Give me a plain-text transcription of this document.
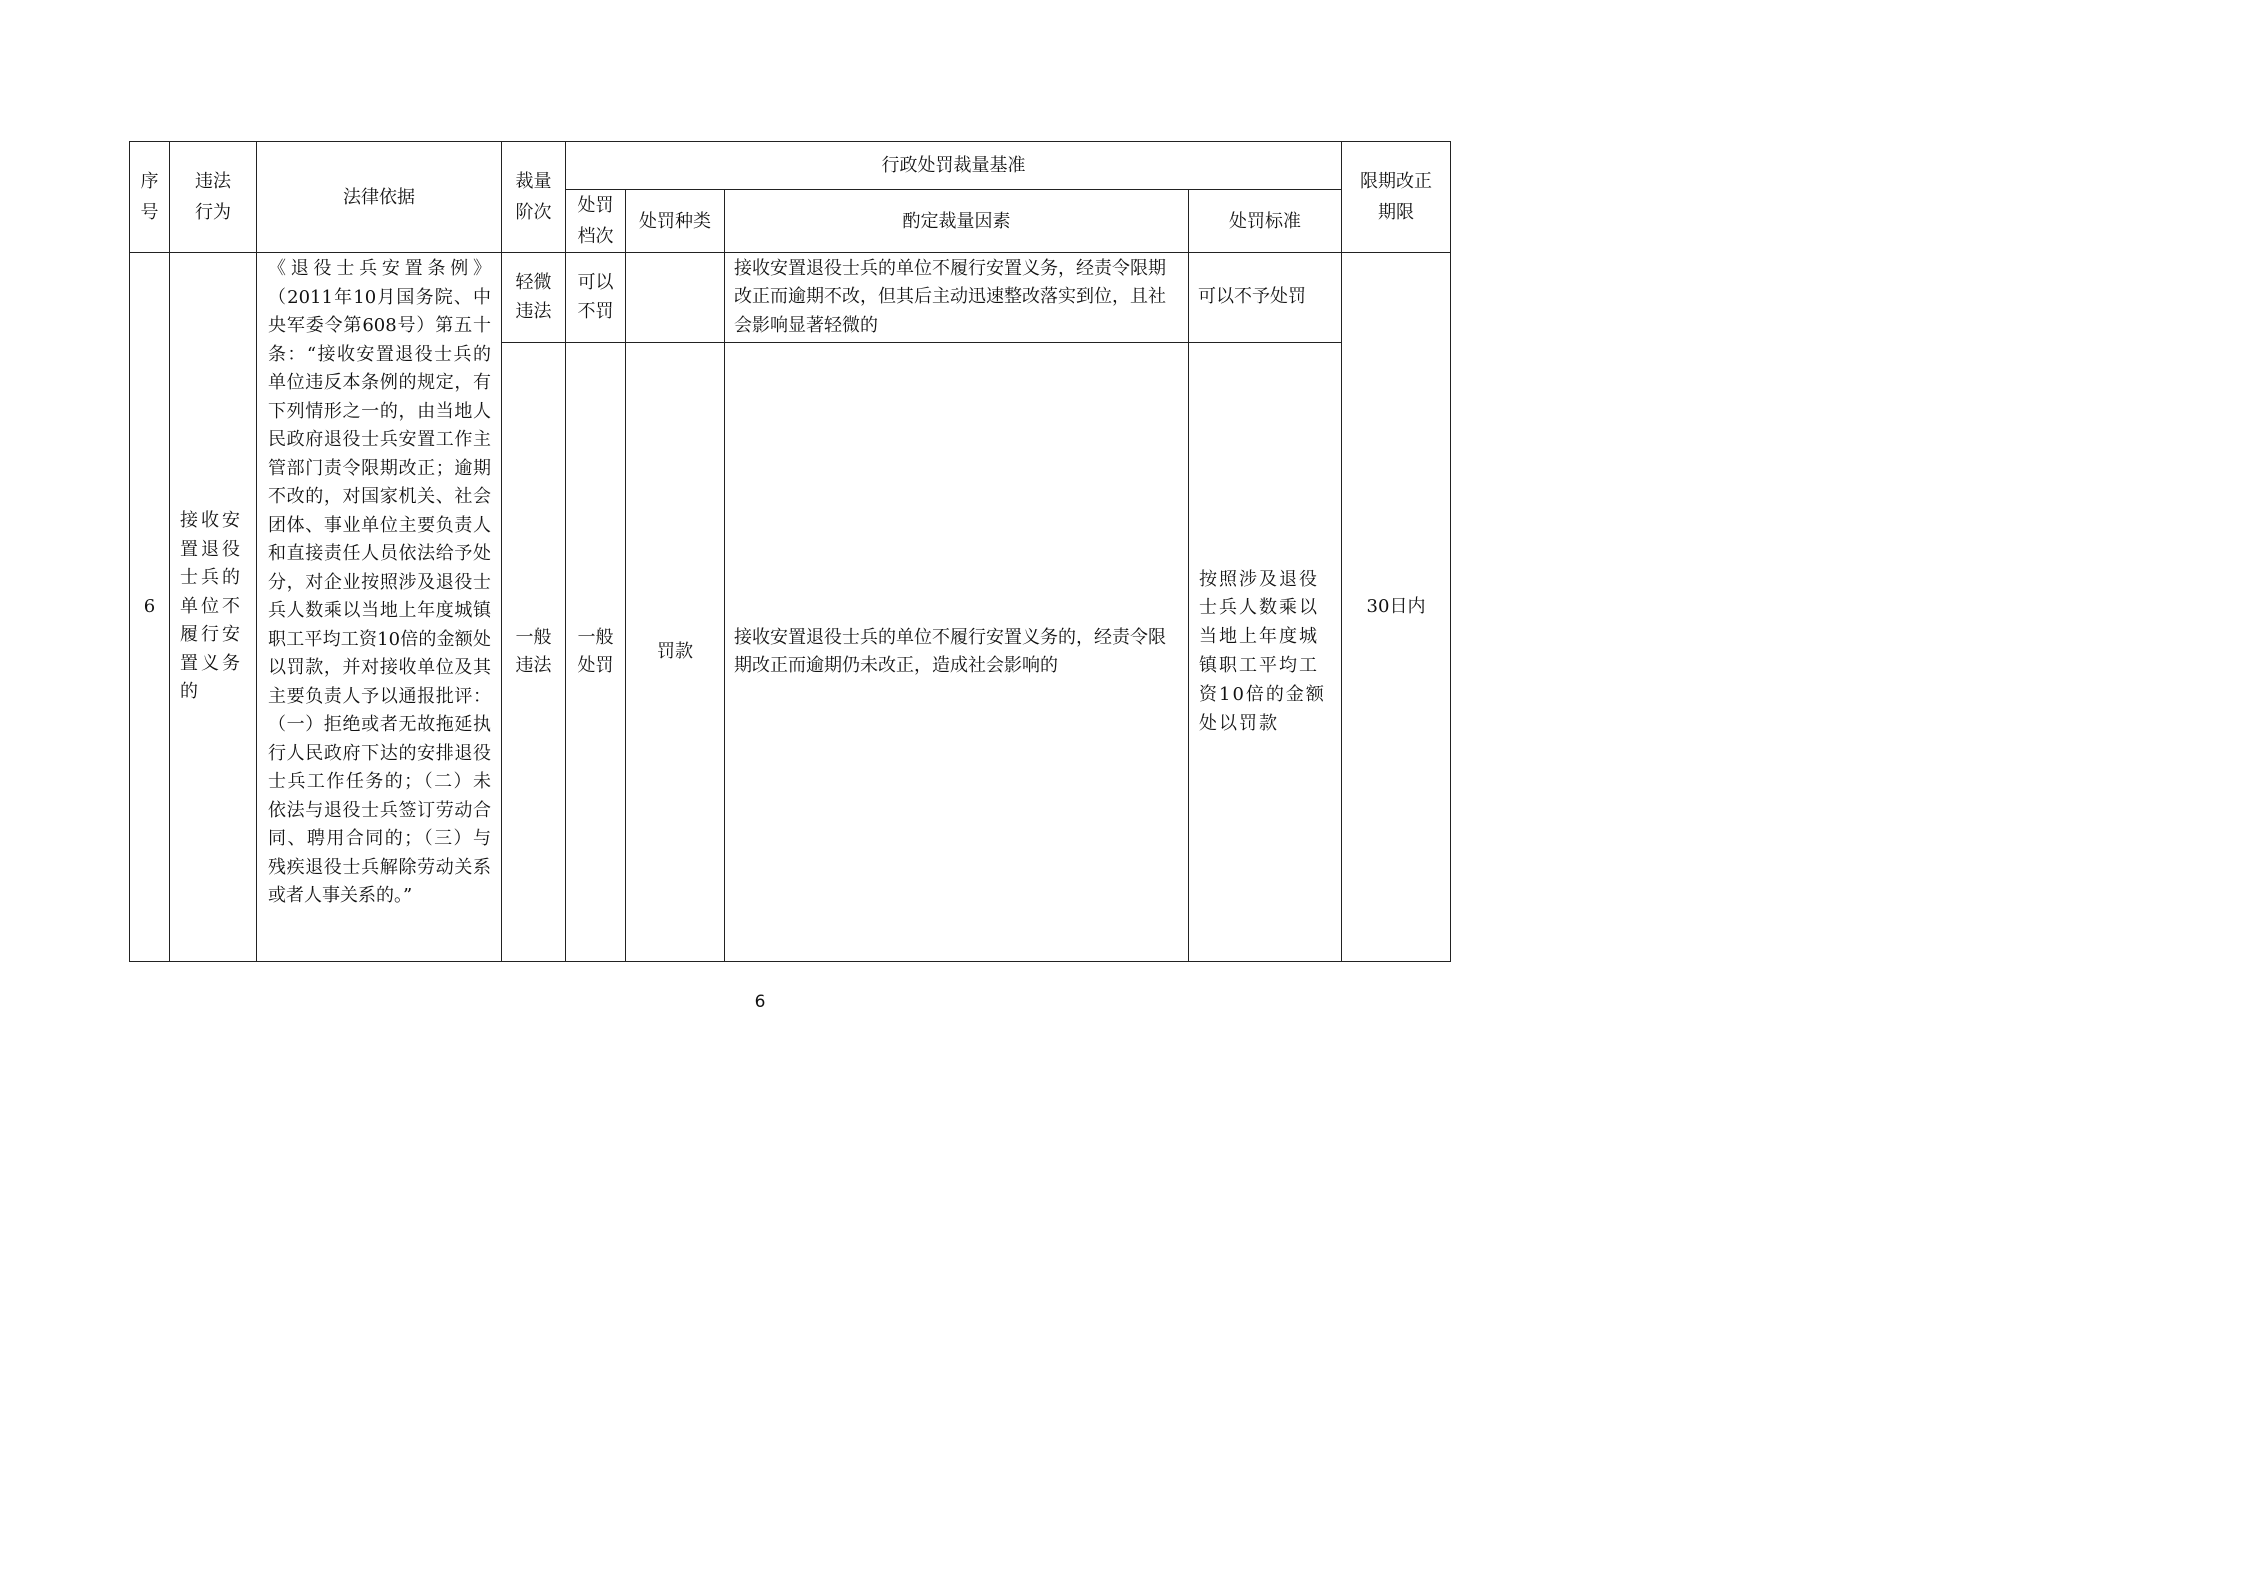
序号	违法行为	法律依据	裁量阶次	行政处罚裁量基准				限期改正期限
				处罚档次	处罚种类	酌定裁量因素	处罚标准	
6	接收安置退役士兵的单位不履行安置义务的	《退役士兵安置条例》（2011年10月国务院、中央军委令第608号）第五十条：“接收安置退役士兵的单位违反本条例的规定，有下列情形之一的，由当地人民政府退役士兵安置工作主管部门责令限期改正；逾期不改的，对国家机关、社会团体、事业单位主要负责人和直接责任人员依法给予处分，对企业按照涉及退役士兵人数乘以当地上年度城镇职工平均工资10倍的金额处以罚款，并对接收单位及其主要负责人予以通报批评：（一）拒绝或者无故拖延执行人民政府下达的安排退役士兵工作任务的；（二）未依法与退役士兵签订劳动合同、聘用合同的；（三）与残疾退役士兵解除劳动关系或者人事关系的。”	轻微违法	可以不罚		接收安置退役士兵的单位不履行安置义务，经责令限期改正而逾期不改，但其后主动迅速整改落实到位，且社会影响显著轻微的	可以不予处罚	30日内
			一般违法	一般处罚	罚款	接收安置退役士兵的单位不履行安置义务的，经责令限期改正而逾期仍未改正，造成社会影响的	按照涉及退役士兵人数乘以当地上年度城镇职工平均工资10倍的金额处以罚款	
6
